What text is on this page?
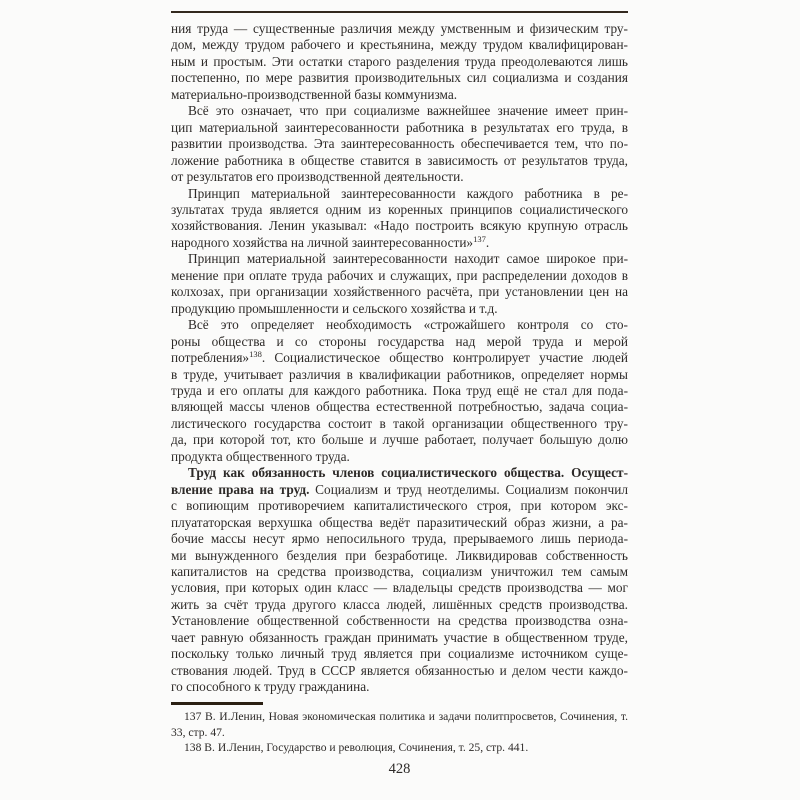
ния труда — существенные различия между умственным и физическим тру-
дом, между трудом рабочего и крестьянина, между трудом квалифицирован-
ным и простым. Эти остатки старого разделения труда преодолеваются лишь
постепенно, по мере развития производительных сил социализма и создания
материально-производственной базы коммунизма.
Всё это означает, что при социализме важнейшее значение имеет прин-
цип материальной заинтересованности работника в результатах его труда, в
развитии производства. Эта заинтересованность обеспечивается тем, что по-
ложение работника в обществе ставится в зависимость от результатов труда,
от результатов его производственной деятельности.
Принцип материальной заинтересованности каждого работника в ре-
зультатах труда является одним из коренных принципов социалистического
хозяйствования. Ленин указывал: «Надо построить всякую крупную отрасль
народного хозяйства на личной заинтересованности»$^{137}$.
Принцип материальной заинтересованности находит самое широкое при-
менение при оплате труда рабочих и служащих, при распределении доходов в
колхозах, при организации хозяйственного расчёта, при установлении цен на
продукцию промышленности и сельского хозяйства и т.д.
Всё это определяет необходимость «строжайшего контроля со сто-
роны общества и со стороны государства над мерой труда и мерой
потребления»$^{138}$. Социалистическое общество контролирует участие людей
в труде, учитывает различия в квалификации работников, определяет нормы
труда и его оплаты для каждого работника. Пока труд ещё не стал для пода-
вляющей массы членов общества естественной потребностью, задача социа-
листического государства состоит в такой организации общественного тру-
да, при которой тот, кто больше и лучше работает, получает большую долю
продукта общественного труда.
Труд как обязанность членов социалистического общества. Осущест-
вление права на труд. Социализм и труд неотделимы. Социализм покончил
с вопиющим противоречием капиталистического строя, при котором экс-
плуататорская верхушка общества ведёт паразитический образ жизни, а ра-
бочие массы несут ярмо непосильного труда, прерываемого лишь периода-
ми вынужденного безделия при безработице. Ликвидировав собственность
капиталистов на средства производства, социализм уничтожил тем самым
условия, при которых один класс — владельцы средств производства — мог
жить за счёт труда другого класса людей, лишённых средств производства.
Установление общественной собственности на средства производства озна-
чает равную обязанность граждан принимать участие в общественном труде,
поскольку только личный труд является при социализме источником суще-
ствования людей. Труд в СССР является обязанностью и делом чести каждо-
го способного к труду гражданина.
137 В. И.Ленин, Новая экономическая политика и задачи политпросветов, Сочинения, т.
33, стр. 47.
138 В. И.Ленин, Государство и революция, Сочинения, т. 25, стр. 441.
428
